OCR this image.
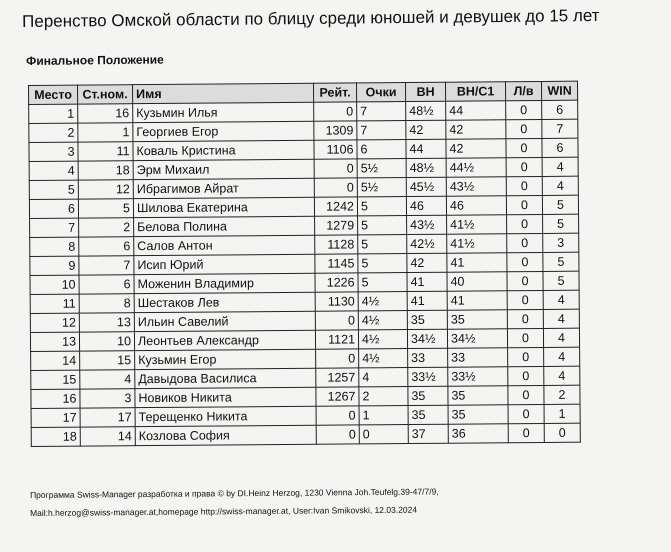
Перенство Омской области по блицу среди юношей и девушек до 15 лет
Финальное Положение
Место	Ст.ном.	Имя	Рейт.	Очки	BH	BH/C1	Л/в	WIN
1	16	Кузьмин Илья	0	7	48½	44	0	6
2	1	Георгиев Егор	1309	7	42	42	0	7
3	11	Коваль Кристина	1106	6	44	42	0	6
4	18	Эрм Михаил	0	5½	48½	44½	0	4
5	12	Ибрагимов Айрат	0	5½	45½	43½	0	4
6	5	Шилова Екатерина	1242	5	46	46	0	5
7	2	Белова Полина	1279	5	43½	41½	0	5
8	6	Салов Антон	1128	5	42½	41½	0	3
9	7	Исип Юрий	1145	5	42	41	0	5
10	6	Моженин Владимир	1226	5	41	40	0	5
11	8	Шестаков Лев	1130	4½	41	41	0	4
12	13	Ильин Савелий	0	4½	35	35	0	4
13	10	Леонтьев Александр	1121	4½	34½	34½	0	4
14	15	Кузьмин Егор	0	4½	33	33	0	4
15	4	Давыдова Василиса	1257	4	33½	33½	0	4
16	3	Новиков Никита	1267	2	35	35	0	2
17	17	Терещенко Никита	0	1	35	35	0	1
18	14	Козлова София	0	0	37	36	0	0
Программа Swiss-Manager разработка и права © by DI.Heinz Herzog, 1230 Vienna Joh.Teufelg.39-47/7/9,
Mail:h.herzog@swiss-manager.at,homepage http://swiss-manager.at, User:Ivan Smikovski, 12.03.2024
